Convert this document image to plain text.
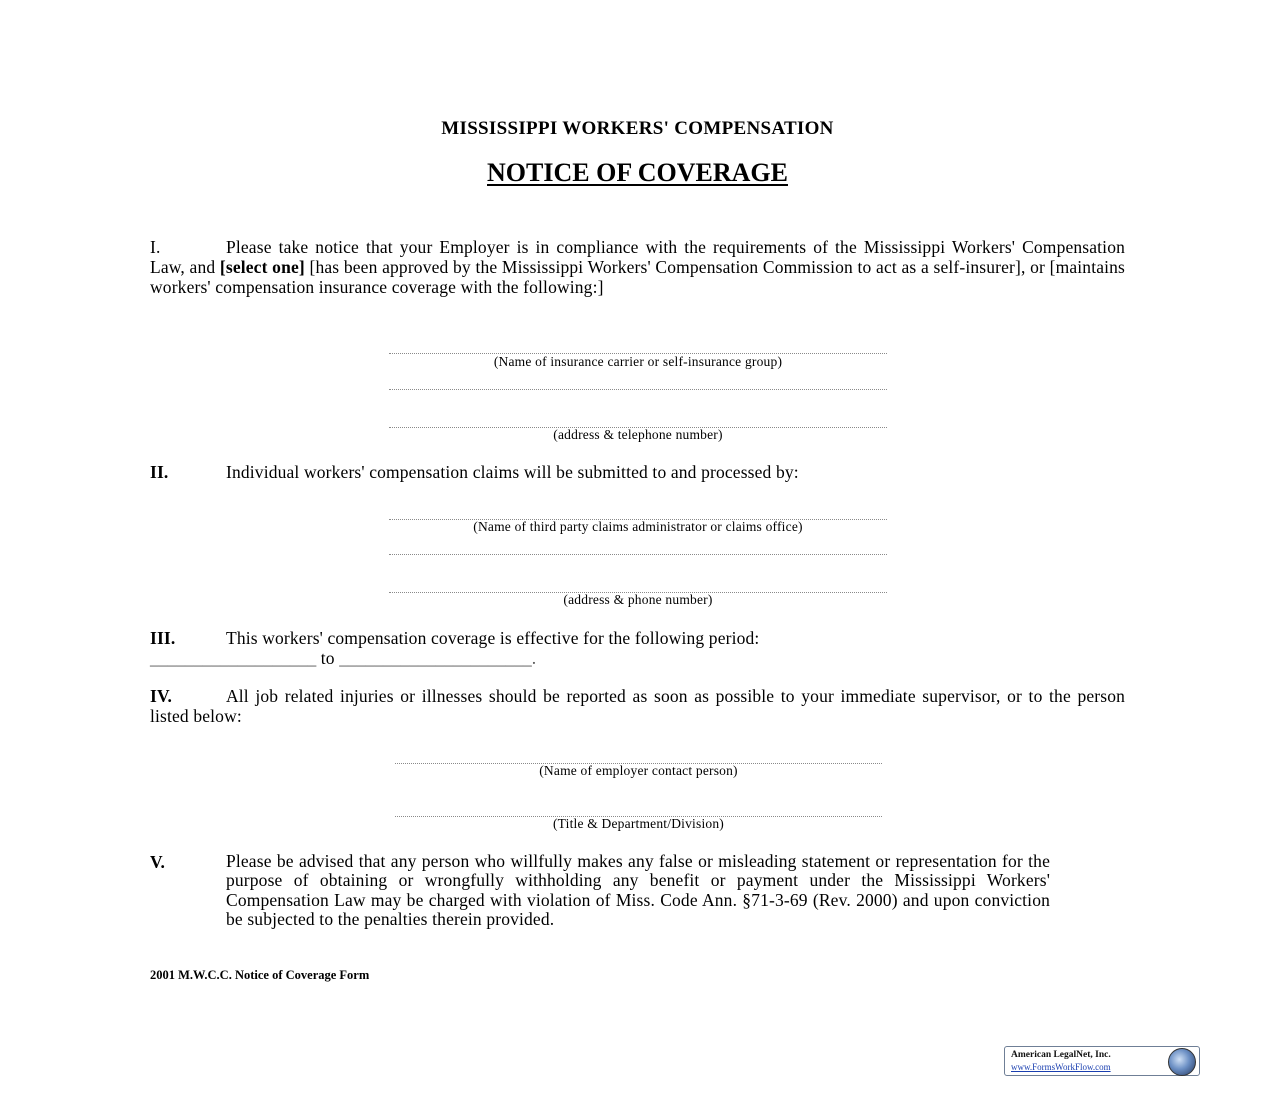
MISSISSIPPI WORKERS' COMPENSATION
NOTICE OF COVERAGE
I.	Please take notice that your Employer is in compliance with the requirements of the Mississippi Workers' Compensation Law, and [select one] [has been approved by the Mississippi Workers' Compensation Commission to act as a self-insurer], or [maintains workers' compensation insurance coverage with the following:]
(Name of insurance carrier or self-insurance group)
(address & telephone number)
II.	Individual workers' compensation claims will be submitted to and processed by:
(Name of third party claims administrator or claims office)
(address & phone number)
III.	This workers' compensation coverage is effective for the following period:
___________________ to ______________________.
IV.	All job related injuries or illnesses should be reported as soon as possible to your immediate supervisor, or to the person listed below:
(Name of employer contact person)
(Title & Department/Division)
V.	Please be advised that any person who willfully makes any false or misleading statement or representation for the purpose of obtaining or wrongfully withholding any benefit or payment under the Mississippi Workers' Compensation Law may be charged with violation of Miss. Code Ann. §71-3-69 (Rev. 2000) and upon conviction be subjected to the penalties therein provided.
2001 M.W.C.C. Notice of Coverage Form
American LegalNet, Inc.
www.FormsWorkFlow.com
